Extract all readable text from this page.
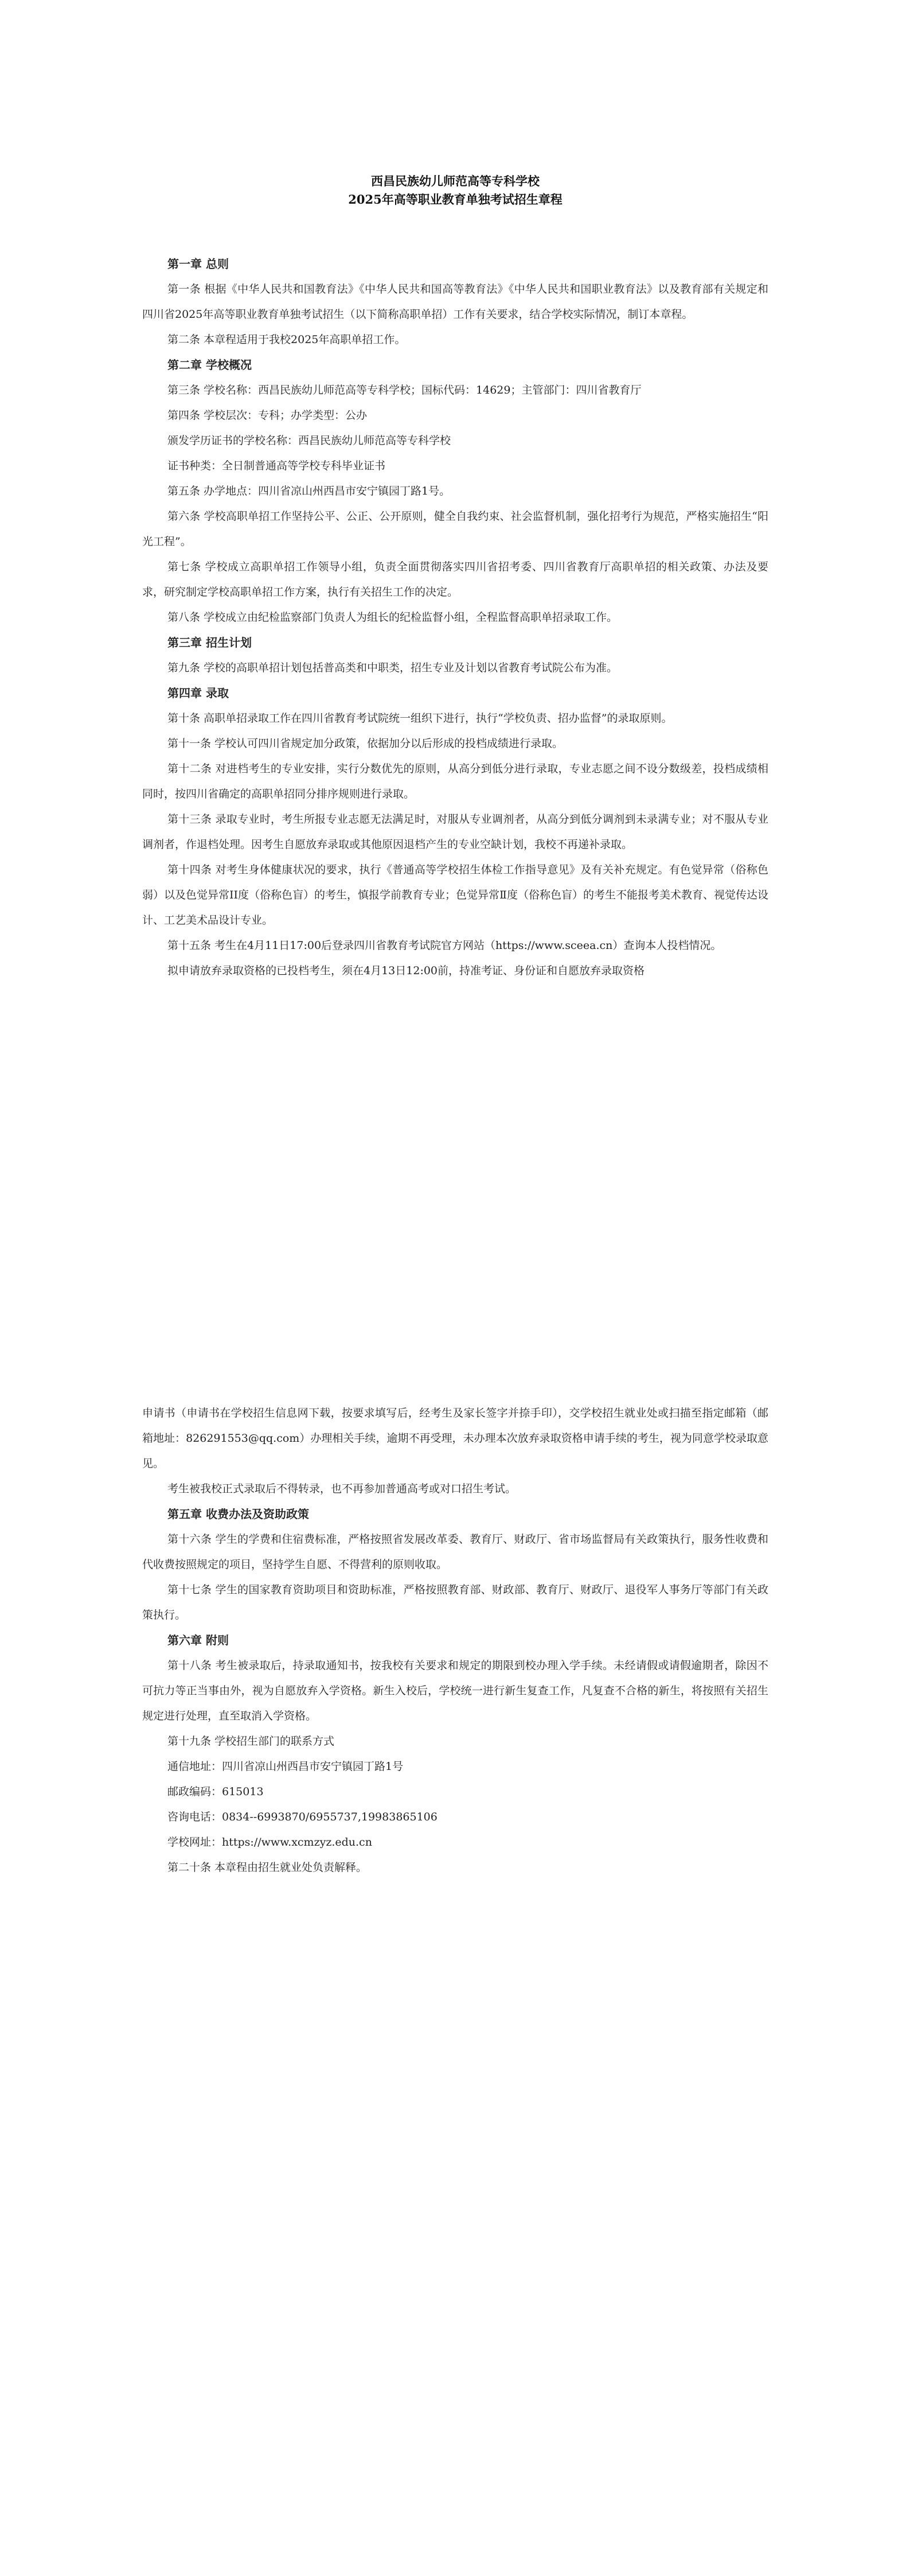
西昌民族幼儿师范高等专科学校

2025年高等职业教育单独考试招生章程

第一章 总则

第一条 根据《中华人民共和国教育法》《中华人民共和国高等教育法》《中华人民共和国职业教育法》以及教育部有关规定和四川省2025年高等职业教育单独考试招生（以下简称高职单招）工作有关要求，结合学校实际情况，制订本章程。

第二条 本章程适用于我校2025年高职单招工作。

第二章 学校概况

第三条 学校名称：西昌民族幼儿师范高等专科学校；国标代码：14629；主管部门：四川省教育厅

第四条 学校层次：专科；办学类型：公办

颁发学历证书的学校名称：西昌民族幼儿师范高等专科学校

证书种类：全日制普通高等学校专科毕业证书

第五条 办学地点：四川省凉山州西昌市安宁镇园丁路1号。

第六条 学校高职单招工作坚持公平、公正、公开原则，健全自我约束、社会监督机制，强化招考行为规范，严格实施招生“阳光工程”。

第七条 学校成立高职单招工作领导小组，负责全面贯彻落实四川省招考委、四川省教育厅高职单招的相关政策、办法及要求，研究制定学校高职单招工作方案，执行有关招生工作的决定。

第八条 学校成立由纪检监察部门负责人为组长的纪检监督小组，全程监督高职单招录取工作。

第三章 招生计划

第九条 学校的高职单招计划包括普高类和中职类，招生专业及计划以省教育考试院公布为准。

第四章 录取

第十条 高职单招录取工作在四川省教育考试院统一组织下进行，执行“学校负责、招办监督”的录取原则。

第十一条 学校认可四川省规定加分政策，依据加分以后形成的投档成绩进行录取。

第十二条 对进档考生的专业安排，实行分数优先的原则，从高分到低分进行录取，专业志愿之间不设分数级差，投档成绩相同时，按四川省确定的高职单招同分排序规则进行录取。

第十三条 录取专业时，考生所报专业志愿无法满足时，对服从专业调剂者，从高分到低分调剂到未录满专业；对不服从专业调剂者，作退档处理。因考生自愿放弃录取或其他原因退档产生的专业空缺计划，我校不再递补录取。

第十四条 对考生身体健康状况的要求，执行《普通高等学校招生体检工作指导意见》及有关补充规定。有色觉异常（俗称色弱）以及色觉异常II度（俗称色盲）的考生，慎报学前教育专业；色觉异常Ⅱ度（俗称色盲）的考生不能报考美术教育、视觉传达设计、工艺美术品设计专业。

第十五条 考生在4月11日17:00后登录四川省教育考试院官方网站（https://www.sceea.cn）查询本人投档情况。

拟申请放弃录取资格的已投档考生，须在4月13日12:00前，持准考证、身份证和自愿放弃录取资格

申请书（申请书在学校招生信息网下载，按要求填写后，经考生及家长签字并捺手印），交学校招生就业处或扫描至指定邮箱（邮箱地址：826291553@qq.com）办理相关手续，逾期不再受理，未办理本次放弃录取资格申请手续的考生，视为同意学校录取意见。

考生被我校正式录取后不得转录，也不再参加普通高考或对口招生考试。

第五章 收费办法及资助政策

第十六条 学生的学费和住宿费标准，严格按照省发展改革委、教育厅、财政厅、省市场监督局有关政策执行，服务性收费和代收费按照规定的项目，坚持学生自愿、不得营利的原则收取。

第十七条 学生的国家教育资助项目和资助标准，严格按照教育部、财政部、教育厅、财政厅、退役军人事务厅等部门有关政策执行。

第六章 附则

第十八条 考生被录取后，持录取通知书，按我校有关要求和规定的期限到校办理入学手续。未经请假或请假逾期者，除因不可抗力等正当事由外，视为自愿放弃入学资格。新生入校后，学校统一进行新生复查工作，凡复查不合格的新生，将按照有关招生规定进行处理，直至取消入学资格。

第十九条 学校招生部门的联系方式

通信地址：四川省凉山州西昌市安宁镇园丁路1号

邮政编码：615013

咨询电话：0834--6993870/6955737,19983865106

学校网址：https://www.xcmzyz.edu.cn

第二十条 本章程由招生就业处负责解释。
